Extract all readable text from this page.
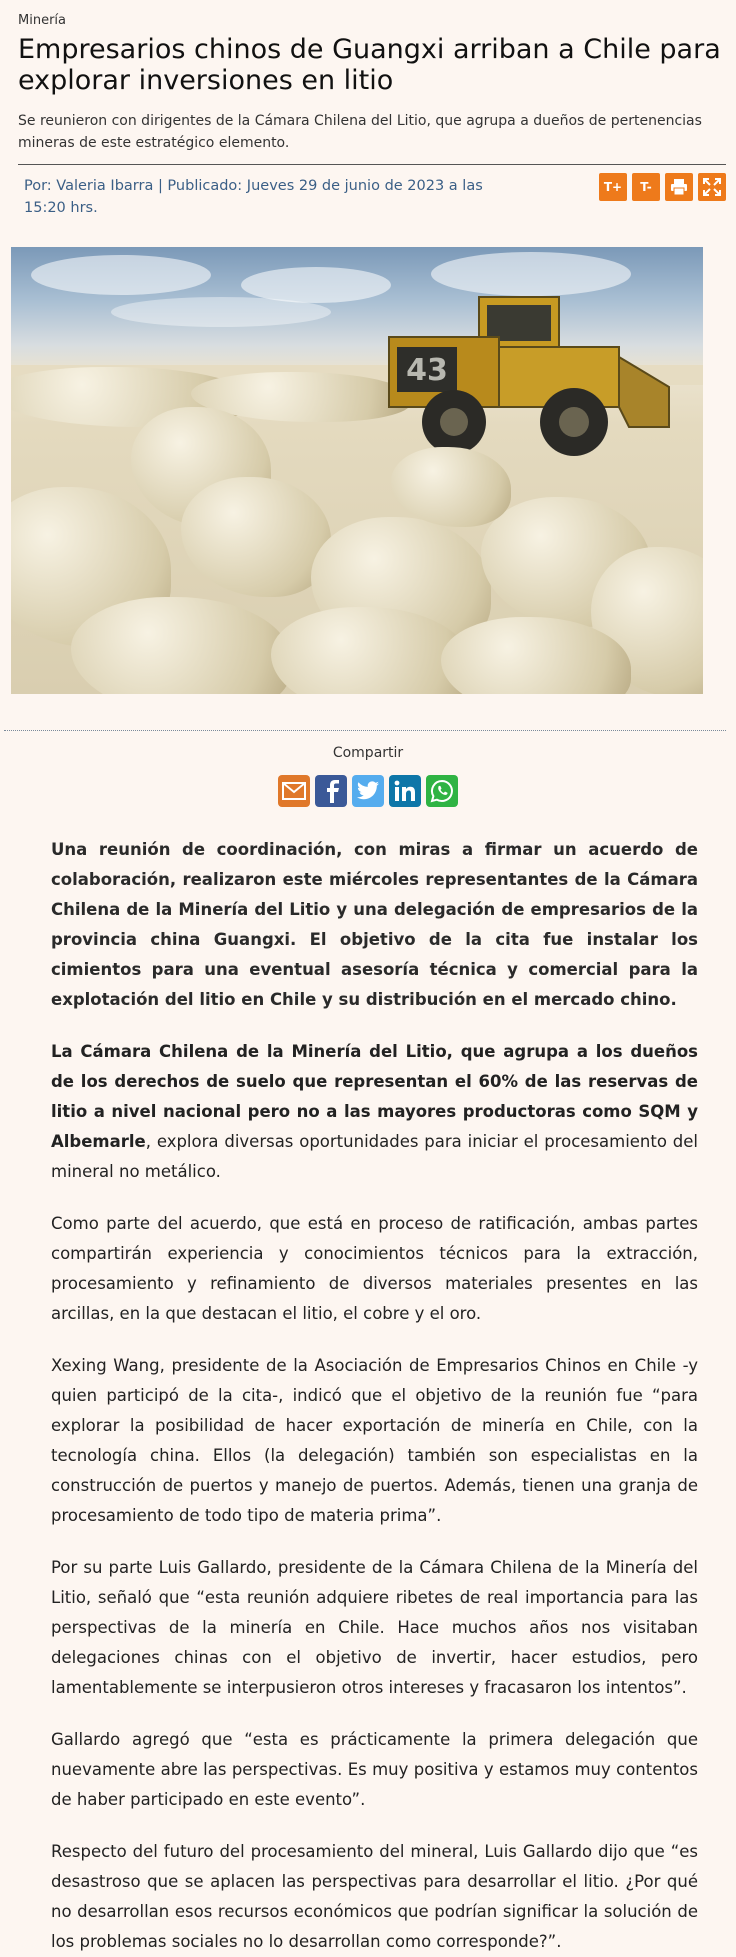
Minería
Empresarios chinos de Guangxi arriban a Chile para explorar inversiones en litio

Se reunieron con dirigentes de la Cámara Chilena del Litio, que agrupa a dueños de pertenencias mineras de este estratégico elemento.

Por: Valeria Ibarra | Publicado: Jueves 29 de junio de 2023 a las 15:20 hrs.
T+	T-
43
Compartir

Una reunión de coordinación, con miras a firmar un acuerdo de colaboración, realizaron este miércoles representantes de la Cámara Chilena de la Minería del Litio y una delegación de empresarios de la provincia china Guangxi. El objetivo de la cita fue instalar los cimientos para una eventual asesoría técnica y comercial para la explotación del litio en Chile y su distribución en el mercado chino.

La Cámara Chilena de la Minería del Litio, que agrupa a los dueños de los derechos de suelo que representan el 60% de las reservas de litio a nivel nacional pero no a las mayores productoras como SQM y Albemarle, explora diversas oportunidades para iniciar el procesamiento del mineral no metálico.

Como parte del acuerdo, que está en proceso de ratificación, ambas partes compartirán experiencia y conocimientos técnicos para la extracción, procesamiento y refinamiento de diversos materiales presentes en las arcillas, en la que destacan el litio, el cobre y el oro.

Xexing Wang, presidente de la Asociación de Empresarios Chinos en Chile -y quien participó de la cita-, indicó que el objetivo de la reunión fue “para explorar la posibilidad de hacer exportación de minería en Chile, con la tecnología china. Ellos (la delegación) también son especialistas en la construcción de puertos y manejo de puertos. Además, tienen una granja de procesamiento de todo tipo de materia prima”.

Por su parte Luis Gallardo, presidente de la Cámara Chilena de la Minería del Litio, señaló que “esta reunión adquiere ribetes de real importancia para las perspectivas de la minería en Chile. Hace muchos años nos visitaban delegaciones chinas con el objetivo de invertir, hacer estudios, pero lamentablemente se interpusieron otros intereses y fracasaron los intentos”.

Gallardo agregó que “esta es prácticamente la primera delegación que nuevamente abre las perspectivas. Es muy positiva y estamos muy contentos de haber participado en este evento”.

Respecto del futuro del procesamiento del mineral, Luis Gallardo dijo que “es desastroso que se aplacen las perspectivas para desarrollar el litio. ¿Por qué no desarrollan esos recursos económicos que podrían significar la solución de los problemas sociales no lo desarrollan como corresponde?”.
